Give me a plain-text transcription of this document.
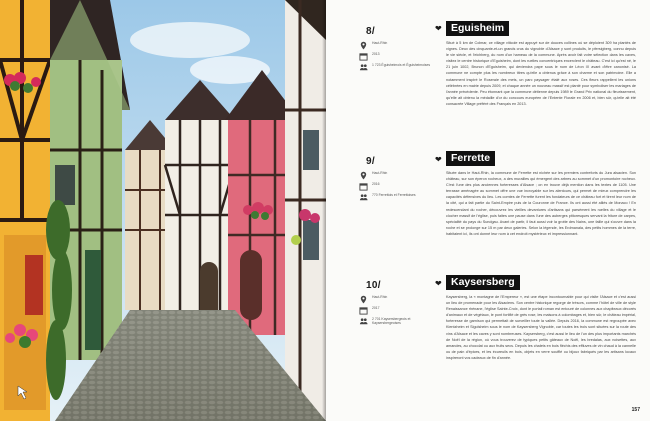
8/
Haut-Rhin
2013
1 723 Éguisheimois et Éguisheimoises
❤ Eguisheim

Situé à 5 km de Colmar, ce village viticole est appuyé sur de douces collines où se déploient 309 ha plantés de vignes. Deux des cinquante-et-un grands crus du vignoble d'Alsace y sont produits, le pfersigberg, connu depuis le vie siècle, et l'eichberg, du nom d'un hameau de la commune. Après avoir fait votre sélection dans les caves, visitez le centre historique d'Eguisheim, dont les ruelles concentriques encerclent le château. C'est ici qu'est né, le 21 juin 1002, Brunon d'Eguisheim, qui deviendra pape sous le nom de Léon IX avant d'être canonisé. La commune ne compte plus les nombreux titres qu'elle a obtenus grâce à son charme et son patrimoine. Elle a notamment inspiré le Roseraie des mets, un parc paysager étalé aux roses. Ces fleurs rappellent les unions célébrées en mairie depuis 2009, et chaque année un nouveau massif est planté pour symboliser les mariages de l'année précédente. Peu étonnant que la commune détienne depuis 1989 le Grand Prix national du fleurissement, qu'elle ait obtenu la médaille d'or du concours européen de l'Entente Florale en 2006 et, bien sûr, qu'elle ait été consacrée Village préféré des Français en 2013.

9/
Haut-Rhin
2016
770 Ferrettois et Ferrettoises
❤ Ferrette

Située dans le Haut-Rhin, la commune de Ferrette est nichée sur les premiers contreforts du Jura alsacien. Son château, sur son éperon rocheux, a des murailles qui émergent des arbres au sommet d'un promontoire rocheux. C'est l'une des plus anciennes forteresses d'Alsace ; on en trouve déjà mention dans les textes de 1105. Une terrasse aménagée au sommet offre une vue incroyable sur les alentours, qui permet de mieux comprendre les capacités défensives du lieu. Les comtes de Ferrette furent les fondateurs de ce château fort et tirent leur nom de la cité, qui a fait partie du Saint-Empire puis de la Couronne de France. Ils ont aussi été alliés de Monaco ! En redescendant du rocher, découvrez les vieilles devantures d'artisans qui parsèment les ruelles du village et le clocher massif de l'église, puis faites une pause dans l'une des auberges pittoresques servant la friture de carpes, spécialité du pays du Sundgau. Avant de partir, il faut aussi voir la grotte des Nains, une faille qui s'ouvre dans la roche et se prolonge sur 15 m par deux galeries. Selon la légende, les Erdmanala, des petits hommes de la terre, habitaient ici, ils ont donné leur nom à cet endroit mystérieux et impressionnant.

10/
Haut-Rhin
2017
2 701 Kaysersbergeois et Kaysersbergeoises
❤ Kaysersberg

Kaysersberg, la « montagne de l'Empereur », est une étape incontournable pour qui visite l'Alsace et c'est aussi un lieu de promenade pour les Alsaciens. Son centre historique regorge de trésors, comme l'hôtel de ville de style Renaissance rhénane, l'église Sainte-Croix, dont le portail roman est entouré de colonnes aux chapiteaux décorés d'animaux et de végétaux, le pont fortifié de grès rose, les maisons à colombages et, bien sûr, le château impérial, forteresse de garnison qui permettait de surveiller toute la vallée. Depuis 2016, la commune est regroupée avec Kientzheim et Sigolsheim sous le nom de Kaysersberg Vignoble, car toutes les trois sont situées sur la route des vins d'Alsace et les caves y sont nombreuses. Kaysersberg, c'est aussi le lieu de l'un des plus importants marchés de Noël de la région, où vous trouverez de typiques petits gâteaux de Noël, les bredalas, aux noisettes, aux amandes, au chocolat ou aux fruits secs. Depuis les chalets en bois fléchis des effluves de vin chaud à la cannelle ou de pain d'épices, et les écureuils en bois, objets en verre soufflé ou bijoux fabriqués par les artisans locaux inspireront vos cadeaux de fin d'année.

157
